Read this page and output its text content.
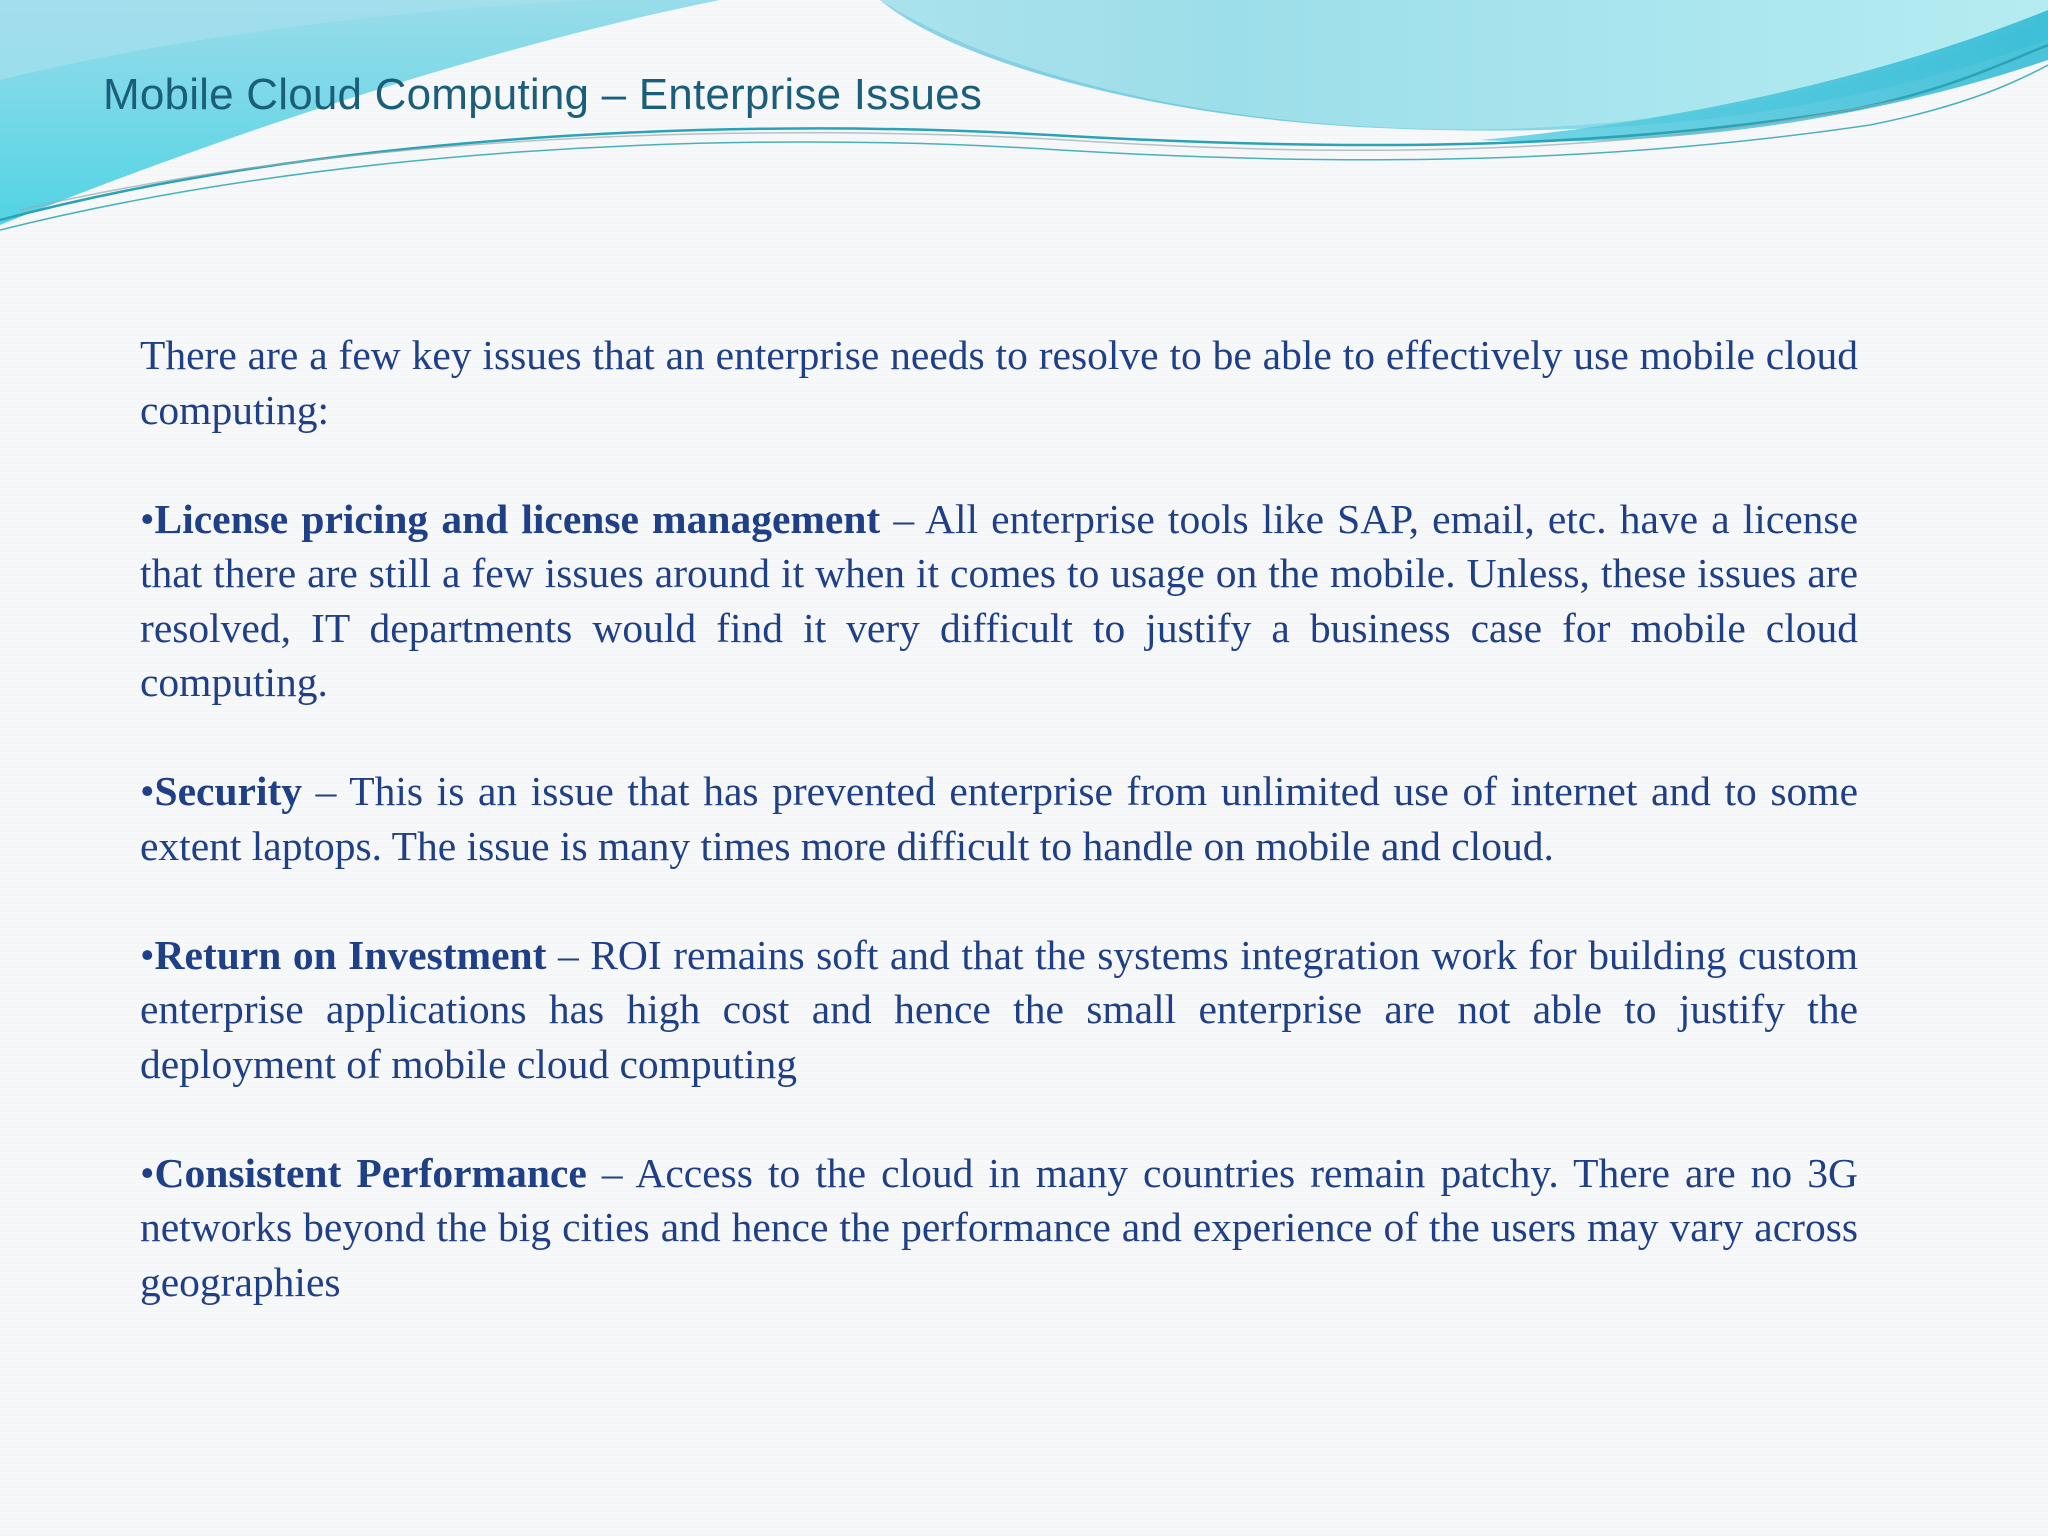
Mobile Cloud Computing – Enterprise Issues

There are a few key issues that an enterprise needs to resolve to be able to effectively use mobile cloud computing:

•License pricing and license management – All enterprise tools like SAP, email, etc. have a license that there are still a few issues around it when it comes to usage on the mobile. Unless, these issues are resolved, IT departments would find it very difficult to justify a business case for mobile cloud computing.

•Security – This is an issue that has prevented enterprise from unlimited use of internet and to some extent laptops. The issue is many times more difficult to handle on mobile and cloud.

•Return on Investment – ROI remains soft and that the systems integration work for building custom enterprise applications has high cost and hence the small enterprise are not able to justify the deployment of mobile cloud computing

•Consistent Performance – Access to the cloud in many countries remain patchy. There are no 3G networks beyond the big cities and hence the performance and experience of the users may vary across geographies
